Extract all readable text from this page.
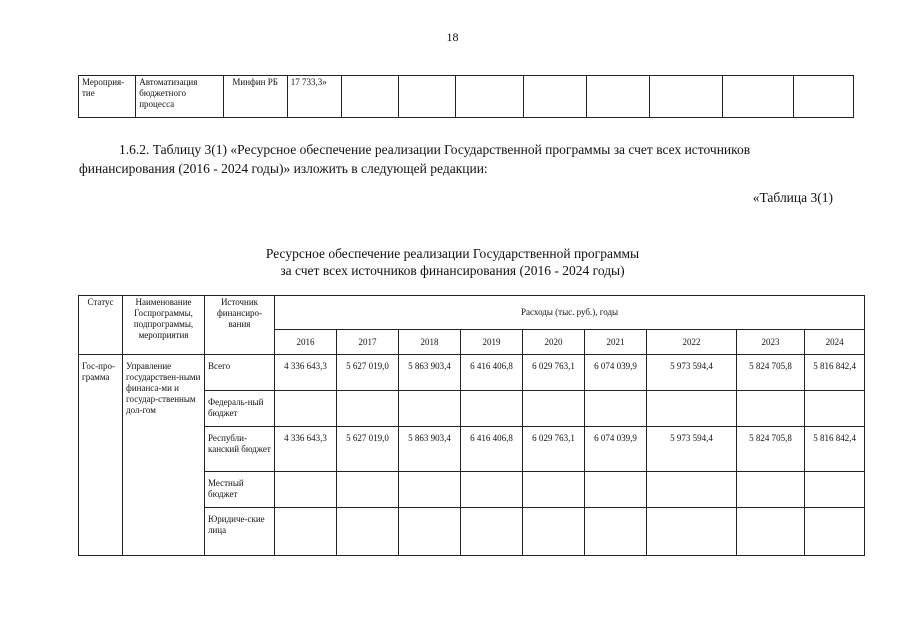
18
Мероприя-тие	Автоматизация бюджетного процесса	Минфин РБ	17 733,3»								
1.6.2. Таблицу 3(1) «Ресурсное обеспечение реализации Государственной программы за счет всех источников финансирования (2016 - 2024 годы)» изложить в следующей редакции:
«Таблица 3(1)
Ресурсное обеспечение реализации Государственной программы
за счет всех источников финансирования (2016 - 2024 годы)
Статус	Наименование Госпрограммы, подпрограммы, мероприятия	Источник финансиро-вания	Расходы (тыс. руб.), годы								
			2016	2017	2018	2019	2020	2021	2022	2023	2024
Гос-про-грамма	Управление государствен-ными финанса-ми и государ-ственным дол-гом	Всего	4 336 643,3	5 627 019,0	5 863 903,4	6 416 406,8	6 029 763,1	6 074 039,9	5 973 594,4	5 824 705,8	5 816 842,4
		Федераль-ный бюджет									
		Республи-канский бюджет	4 336 643,3	5 627 019,0	5 863 903,4	6 416 406,8	6 029 763,1	6 074 039,9	5 973 594,4	5 824 705,8	5 816 842,4
		Местный бюджет									
		Юридиче-ские лица									
